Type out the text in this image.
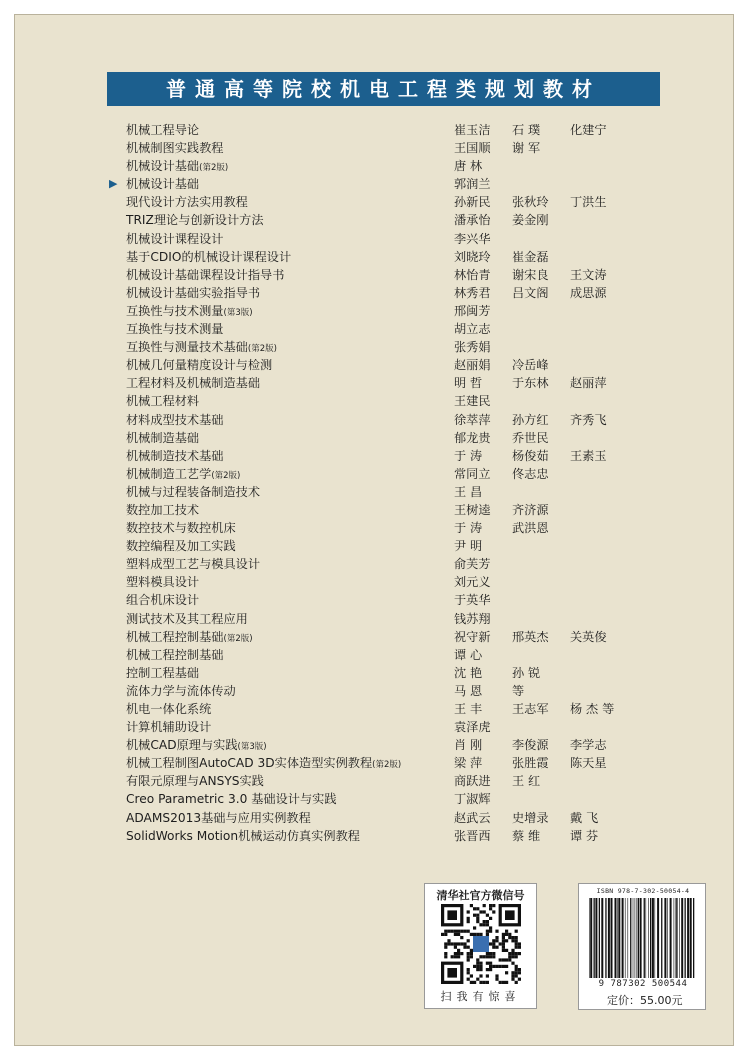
普通高等院校机电工程类规划教材
机械工程导论	崔玉洁 石 璞 化建宁
机械制图实践教程	王国顺 谢 军
机械设计基础(第2版)	唐 林
▶ 机械设计基础	郭润兰
现代设计方法实用教程	孙新民 张秋玲 丁洪生
TRIZ理论与创新设计方法	潘承怡 姜金刚
机械设计课程设计	李兴华
基于CDIO的机械设计课程设计	刘晓玲 崔金磊
机械设计基础课程设计指导书	林怡青 谢宋良 王文涛
机械设计基础实验指导书	林秀君 吕文阁 成思源
互换性与技术测量(第3版)	邢闽芳
互换性与技术测量	胡立志
互换性与测量技术基础(第2版)	张秀娟
机械几何量精度设计与检测	赵丽娟 冷岳峰
工程材料及机械制造基础	明 哲 于东林 赵丽萍
机械工程材料	王建民
材料成型技术基础	徐萃萍 孙方红 齐秀飞
机械制造基础	郁龙贵 乔世民
机械制造技术基础	于 涛 杨俊茹 王素玉
机械制造工艺学(第2版)	常同立 佟志忠
机械与过程装备制造技术	王 昌
数控加工技术	王树逵 齐济源
数控技术与数控机床	于 涛 武洪恩
数控编程及加工实践	尹 明
塑料成型工艺与模具设计	俞芙芳
塑料模具设计	刘元义
组合机床设计	于英华
测试技术及其工程应用	钱苏翔
机械工程控制基础(第2版)	祝守新 邢英杰 关英俊
机械工程控制基础	谭 心
控制工程基础	沈 艳 孙 锐
流体力学与流体传动	马 恩 等
机电一体化系统	王 丰 王志军 杨 杰 等
计算机辅助设计	袁泽虎
机械CAD原理与实践(第3版)	肖 刚 李俊源 李学志
机械工程制图AutoCAD 3D实体造型实例教程(第2版)	梁 萍 张胜霞 陈天星
有限元原理与ANSYS实践	商跃进 王 红
Creo Parametric 3.0 基础设计与实践	丁淑辉
ADAMS2013基础与应用实例教程	赵武云 史增录 戴 飞
SolidWorks Motion机械运动仿真实例教程	张晋西 蔡 维 谭 芬
清华社官方微信号
扫我有惊喜
ISBN 978-7-302-50054-4
9 787302 500544
定价：55.00元
